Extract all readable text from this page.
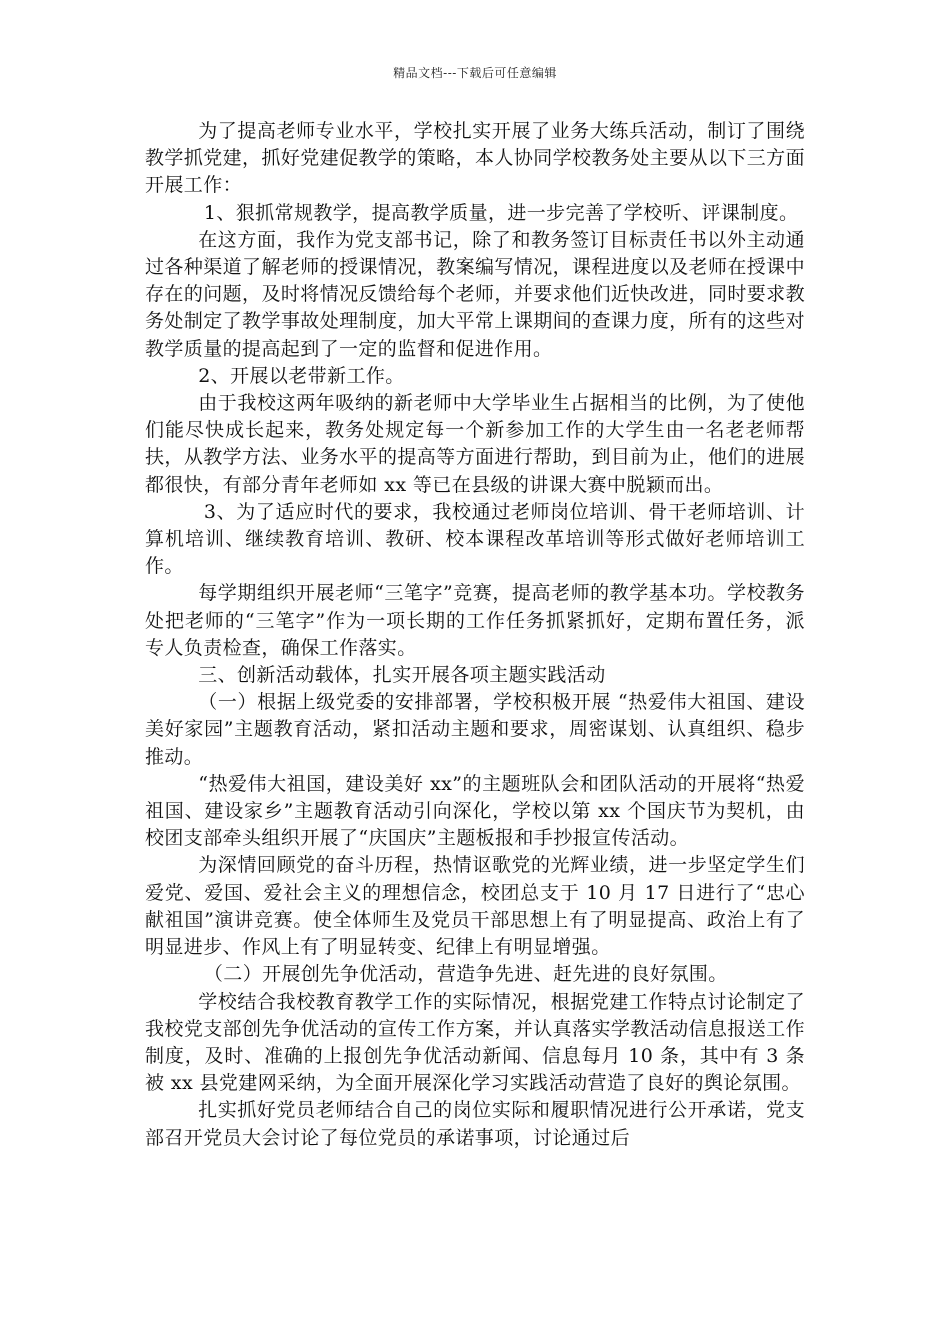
精品文档---下载后可任意编辑

为了提高老师专业水平，学校扎实开展了业务大练兵活动，制订了围绕教学抓党建，抓好党建促教学的策略，本人协同学校教务处主要从以下三方面开展工作：

1、狠抓常规教学，提高教学质量，进一步完善了学校听、评课制度。

在这方面，我作为党支部书记，除了和教务签订目标责任书以外主动通过各种渠道了解老师的授课情况，教案编写情况，课程进度以及老师在授课中存在的问题，及时将情况反馈给每个老师，并要求他们近快改进，同时要求教务处制定了教学事故处理制度，加大平常上课期间的查课力度，所有的这些对教学质量的提高起到了一定的监督和促进作用。

2、开展以老带新工作。

由于我校这两年吸纳的新老师中大学毕业生占据相当的比例，为了使他们能尽快成长起来，教务处规定每一个新参加工作的大学生由一名老老师帮扶，从教学方法、业务水平的提高等方面进行帮助，到目前为止，他们的进展都很快，有部分青年老师如 xx 等已在县级的讲课大赛中脱颖而出。

3、为了适应时代的要求，我校通过老师岗位培训、骨干老师培训、计算机培训、继续教育培训、教研、校本课程改革培训等形式做好老师培训工作。

每学期组织开展老师“三笔字”竞赛，提高老师的教学基本功。学校教务处把老师的“三笔字”作为一项长期的工作任务抓紧抓好，定期布置任务，派专人负责检查，确保工作落实。

三、创新活动载体，扎实开展各项主题实践活动

（一）根据上级党委的安排部署，学校积极开展 “热爱伟大祖国、建设美好家园”主题教育活动，紧扣活动主题和要求，周密谋划、认真组织、稳步推动。

“热爱伟大祖国，建设美好 xx”的主题班队会和团队活动的开展将“热爱祖国、建设家乡”主题教育活动引向深化，学校以第 xx 个国庆节为契机，由校团支部牵头组织开展了“庆国庆”主题板报和手抄报宣传活动。

为深情回顾党的奋斗历程，热情讴歌党的光辉业绩，进一步坚定学生们爱党、爱国、爱社会主义的理想信念，校团总支于 10 月 17 日进行了“忠心献祖国”演讲竞赛。使全体师生及党员干部思想上有了明显提高、政治上有了明显进步、作风上有了明显转变、纪律上有明显增强。

（二）开展创先争优活动，营造争先进、赶先进的良好氛围。

学校结合我校教育教学工作的实际情况，根据党建工作特点讨论制定了我校党支部创先争优活动的宣传工作方案，并认真落实学教活动信息报送工作制度，及时、准确的上报创先争优活动新闻、信息每月 10 条，其中有 3 条被 xx 县党建网采纳，为全面开展深化学习实践活动营造了良好的舆论氛围。

扎实抓好党员老师结合自己的岗位实际和履职情况进行公开承诺，党支部召开党员大会讨论了每位党员的承诺事项，讨论通过后
